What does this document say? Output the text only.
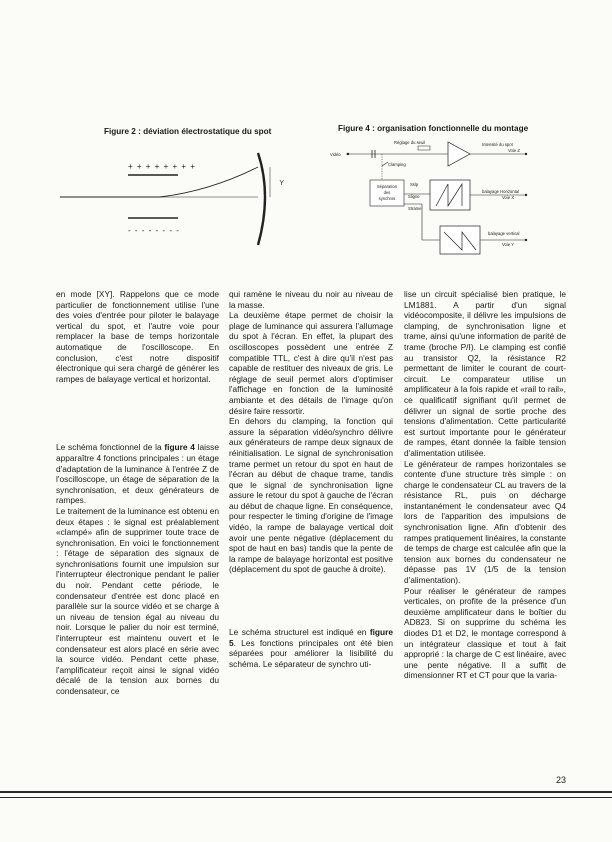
Figure 2 : déviation électrostatique du spot
+ + + + + + + +
- - - - - - - -
Y
Figure 4 : organisation fonctionnelle du montage
Vidéo
Réglage du seuil	Intensité du spot
Voie Z
Clamping
Séparation
des
synchros
Sslp
Sligne
Strame
balayage Horizontal
Voie X
balayage vertical
Voie Y

en mode [XY]. Rappelons que ce mode particulier de fonctionnement utilise l'une des voies d'entrée pour piloter le balayage vertical du spot, et l'autre voie pour remplacer la base de temps horizontale automatique de l'oscilloscope. En conclusion, c'est notre dispositif électronique qui sera chargé de générer les rampes de balayage vertical et horizontal.

Le schéma fonctionnel de la figure 4 laisse apparaître 4 fonctions principales : un étage d'adaptation de la luminance à l'entrée Z de l'oscilloscope, un étage de séparation de la synchronisation, et deux générateurs de rampes.

Le traitement de la luminance est obtenu en deux étapes : le signal est préalablement «clampé» afin de supprimer toute trace de synchronisation. En voici le fonctionnement : l'étage de séparation des signaux de synchronisations fournit une impulsion sur l'interrupteur électronique pendant le palier du noir. Pendant cette période, le condensateur d'entrée est donc placé en parallèle sur la source vidéo et se charge à un niveau de tension égal au niveau du noir. Lorsque le palier du noir est terminé, l'interrupteur est maintenu ouvert et le condensateur est alors placé en série avec la source vidéo. Pendant cette phase, l'amplificateur reçoit ainsi le signal vidéo décalé de la tension aux bornes du condensateur, ce

qui ramène le niveau du noir au niveau de la masse.

La deuxième étape permet de choisir la plage de luminance qui assurera l'allumage du spot à l'écran. En effet, la plupart des oscilloscopes possèdent une entrée Z compatible TTL, c'est à dire qu'il n'est pas capable de restituer des niveaux de gris. Le réglage de seuil permet alors d'optimiser l'affichage en fonction de la luminosité ambiante et des détails de l'image qu'on désire faire ressortir.

En dehors du clamping, la fonction qui assure la séparation vidéo/synchro délivre aux générateurs de rampe deux signaux de réinitialisation. Le signal de synchronisation trame permet un retour du spot en haut de l'écran au début de chaque trame, tandis que le signal de synchronisation ligne assure le retour du spot à gauche de l'écran au début de chaque ligne. En conséquence, pour respecter le timing d'origine de l'image vidéo, la rampe de balayage vertical doit avoir une pente négative (déplacement du spot de haut en bas) tandis que la pente de la rampe de balayage horizontal est positive (déplacement du spot de gauche à droite).

Le schéma structurel est indiqué en figure 5. Les fonctions principales ont été bien séparées pour améliorer la lisibilité du schéma. Le séparateur de synchro uti-

lise un circuit spécialisé bien pratique, le LM1881. A partir d'un signal vidéocomposite, il délivre les impulsions de clamping, de synchronisation ligne et trame, ainsi qu'une information de parité de trame (broche P/I). Le clamping est confié au transistor Q2, la résistance R2 permettant de limiter le courant de court-circuit. Le comparateur utilise un amplificateur à la fois rapide et «rail to rail», ce qualificatif signifiant qu'il permet de délivrer un signal de sortie proche des tensions d'alimentation. Cette particularité est surtout importante pour le générateur de rampes, étant donnée la faible tension d'alimentation utilisée.

Le générateur de rampes horizontales se contente d'une structure très simple : on charge le condensateur CL au travers de la résistance RL, puis on décharge instantanément le condensateur avec Q4 lors de l'apparition des impulsions de synchronisation ligne. Afin d'obtenir des rampes pratiquement linéaires, la constante de temps de charge est calculée afin que la tension aux bornes du condensateur ne dépasse pas 1V (1/5 de la tension d'alimentation).

Pour réaliser le générateur de rampes verticales, on profite de la présence d'un deuxième amplificateur dans le boîtier du AD823. Si on supprime du schéma les diodes D1 et D2, le montage correspond à un intégrateur classique et tout à fait approprié : la charge de C est linéaire, avec une pente négative. Il a suffit de dimensionner RT et CT pour que la varia-

23
